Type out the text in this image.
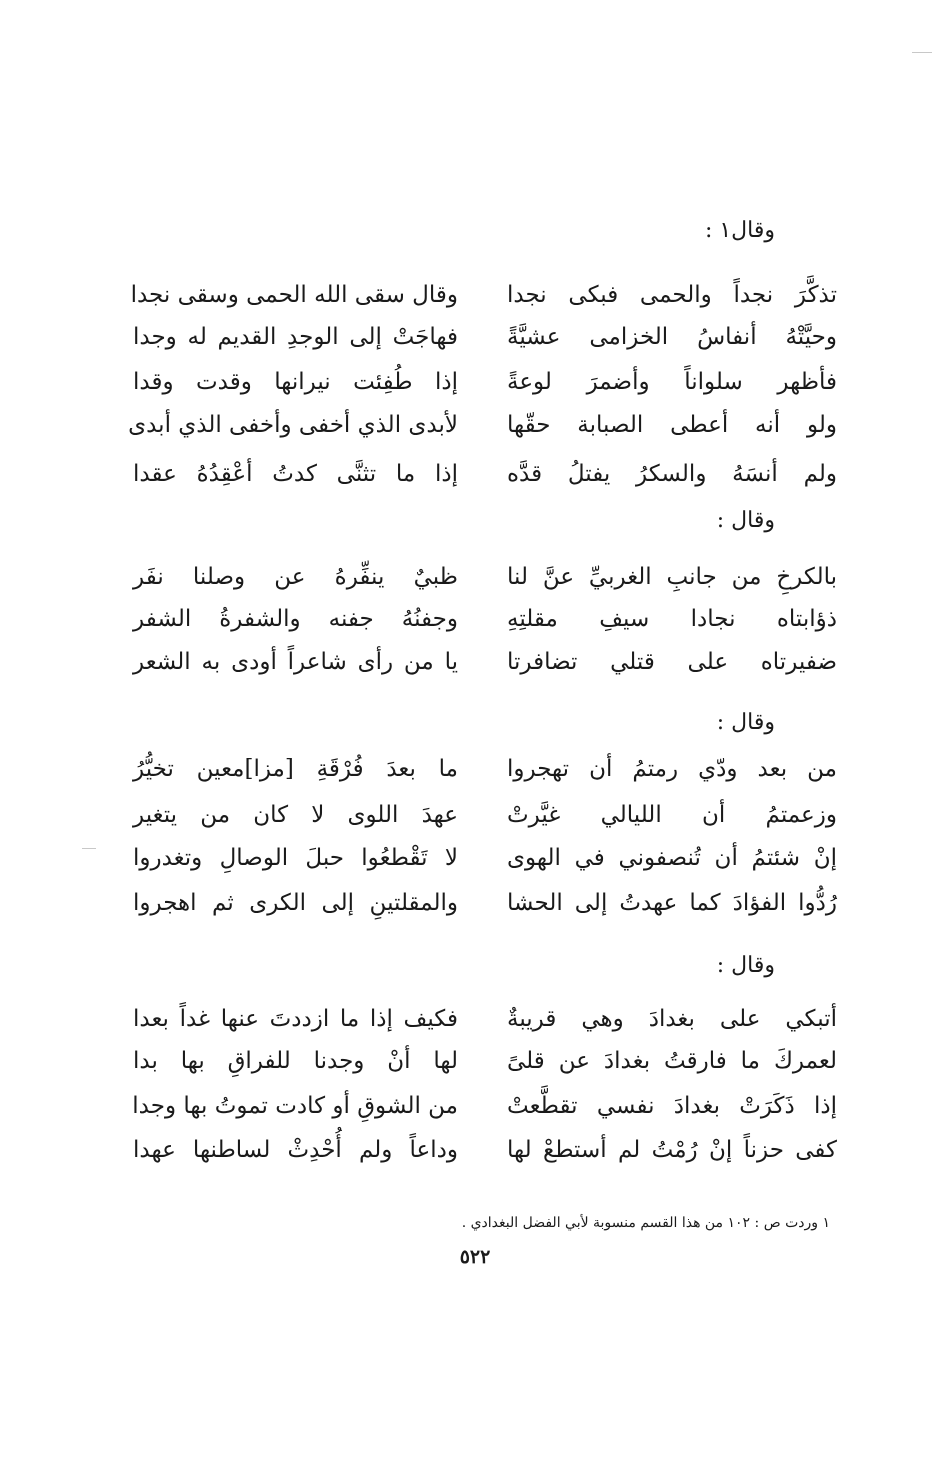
وقال١ :
تذكَّرَ نجداً والحمى فبكى نجدا
وقال سقى الله الحمى وسقى نجدا
وحيَّتْهُ أنفاسُ الخزامى عشيَّةً
فهاجَتْ إلى الوجدِ القديم له وجدا
فأظهر سلواناً وأضمرَ لوعةً
إذا طُفِئت نيرانها وقدت وقدا
ولو أنه أعطى الصبابة حقّها
لأبدى الذي أخفى وأخفى الذي أبدى
ولم أنسَهُ والسكرُ يفتلُ قدَّه
إذا ما تثنَّى كدتُ أعْقِدُهُ عقدا
وقال :
بالكرخِ من جانبِ الغربيِّ عنَّ لنا
ظبيٌ ينفِّرهُ عن وصلنا نفَر
ذؤابتاه نجادا سيفِ مقلتِهِ
وجفنُهُ جفنه والشفرةُ الشفر
ضفيرتاه على قتلي تضافرتا
يا من رأى شاعراً أودى به الشعر
وقال :
من بعد ودّي رمتمُ أن تهجروا
ما بعدَ فُرْقَةِ [مزا]معين تخيُّرُ
وزعمتمُ أن الليالي غيَّرتْ
عهدَ اللوى لا كان من يتغير
إنْ شئتمُ أن تُنصفوني في الهوى
لا تَقْطعُوا حبلَ الوصالِ وتغدروا
رُدُّوا الفؤادَ كما عهدتُ إلى الحشا
والمقلتينِ إلى الكرى ثم اهجروا
وقال :
أتبكي على بغدادَ وهي قريبةٌ
فكيف إذا ما ازددتَ عنها غداً بعدا
لعمركَ ما فارقتُ بغدادَ عن قلىً
لها أنْ وجدنا للفراقِ بها بدا
إذا ذَكَرَتْ بغدادَ نفسي تقطَّعتْ
من الشوقِ أو كادت تموتُ بها وجدا
كفى حزناً إنْ رُمْتُ لم أستطعْ لها
وداعاً ولم أُحْدِثْ لساطنها عهدا
١ وردت ص : ١٠٢ من هذا القسم منسوبة لأبي الفضل البغدادي .
٥٢٢
